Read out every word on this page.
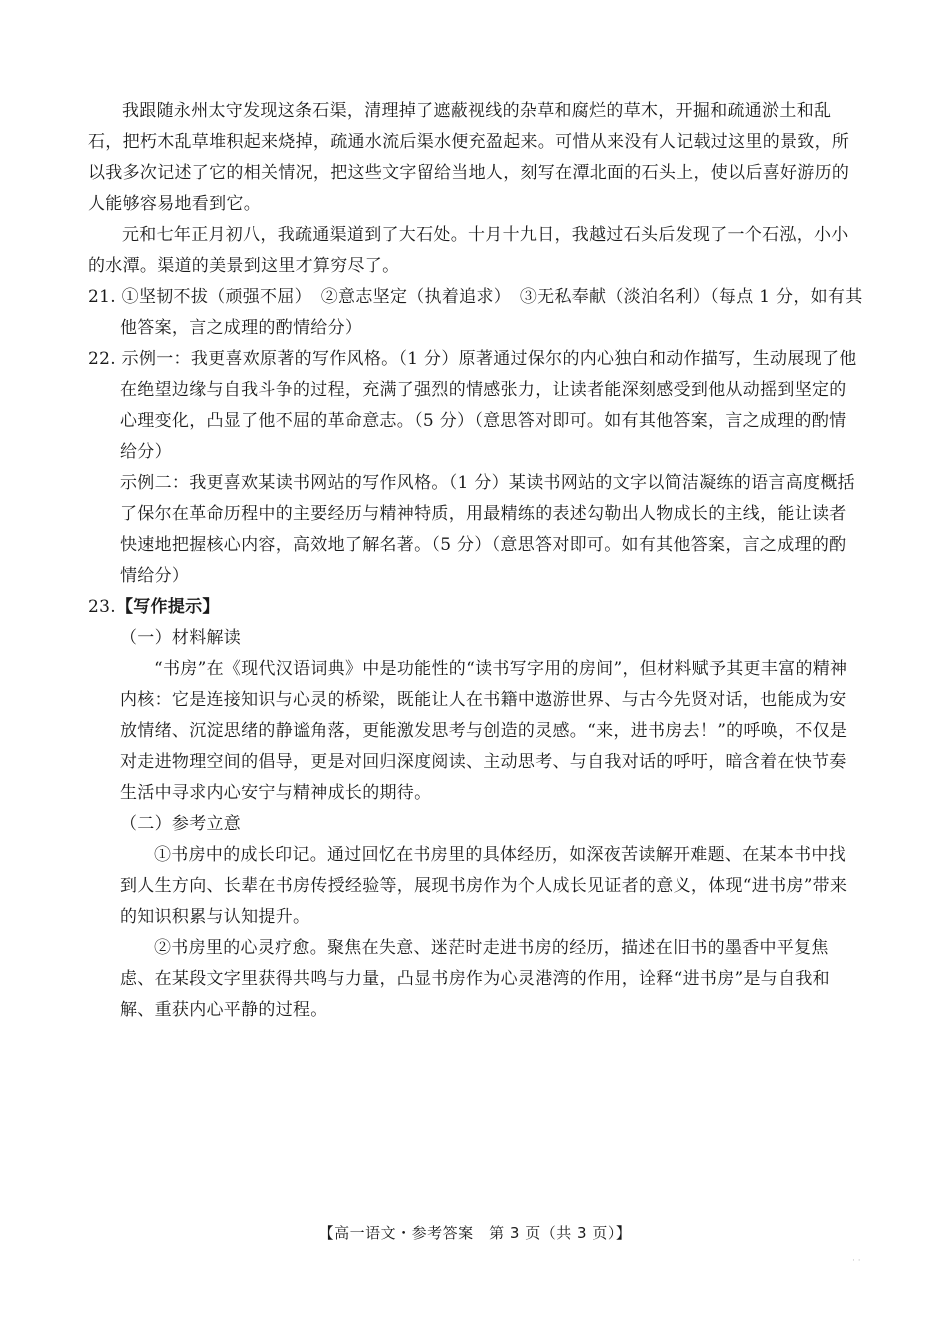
我跟随永州太守发现这条石渠，清理掉了遮蔽视线的杂草和腐烂的草木，开掘和疏通淤土和乱石，把朽木乱草堆积起来烧掉，疏通水流后渠水便充盈起来。可惜从来没有人记载过这里的景致，所以我多次记述了它的相关情况，把这些文字留给当地人，刻写在潭北面的石头上，使以后喜好游历的人能够容易地看到它。

元和七年正月初八，我疏通渠道到了大石处。十月十九日，我越过石头后发现了一个石泓，小小的水潭。渠道的美景到这里才算穷尽了。

21. ①坚韧不拔（顽强不屈）　②意志坚定（执着追求）　③无私奉献（淡泊名利）（每点 1 分，如有其他答案，言之成理的酌情给分）

22. 示例一：我更喜欢原著的写作风格。（1 分）原著通过保尔的内心独白和动作描写，生动展现了他在绝望边缘与自我斗争的过程，充满了强烈的情感张力，让读者能深刻感受到他从动摇到坚定的心理变化，凸显了他不屈的革命意志。（5 分）（意思答对即可。如有其他答案，言之成理的酌情给分）

示例二：我更喜欢某读书网站的写作风格。（1 分）某读书网站的文字以简洁凝练的语言高度概括了保尔在革命历程中的主要经历与精神特质，用最精练的表述勾勒出人物成长的主线，能让读者快速地把握核心内容，高效地了解名著。（5 分）（意思答对即可。如有其他答案，言之成理的酌情给分）

23.【写作提示】

（一）材料解读

“书房”在《现代汉语词典》中是功能性的“读书写字用的房间”，但材料赋予其更丰富的精神内核：它是连接知识与心灵的桥梁，既能让人在书籍中遨游世界、与古今先贤对话，也能成为安放情绪、沉淀思绪的静谧角落，更能激发思考与创造的灵感。“来，进书房去！”的呼唤，不仅是对走进物理空间的倡导，更是对回归深度阅读、主动思考、与自我对话的呼吁，暗含着在快节奏生活中寻求内心安宁与精神成长的期待。

（二）参考立意

①书房中的成长印记。通过回忆在书房里的具体经历，如深夜苦读解开难题、在某本书中找到人生方向、长辈在书房传授经验等，展现书房作为个人成长见证者的意义，体现“进书房”带来的知识积累与认知提升。

②书房里的心灵疗愈。聚焦在失意、迷茫时走进书房的经历，描述在旧书的墨香中平复焦虑、在某段文字里获得共鸣与力量，凸显书房作为心灵港湾的作用，诠释“进书房”是与自我和解、重获内心平静的过程。

【高一语文・参考答案　第 3 页（共 3 页）】
· ·
